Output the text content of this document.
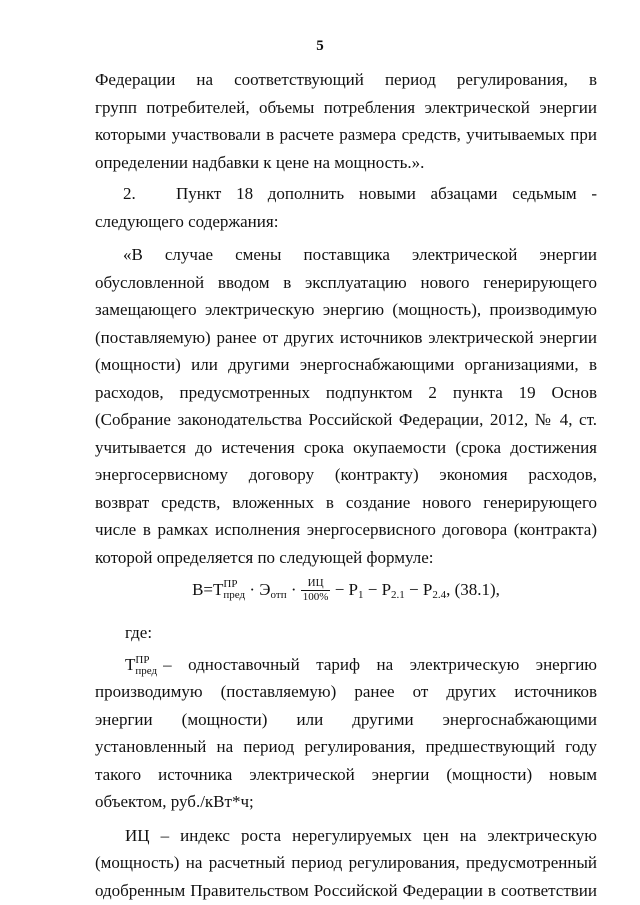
5
Федерации на соответствующий период регулирования, в
групп потребителей, объемы потребления электрической энергии
которыми участвовали в расчете размера средств, учитываемых при
определении надбавки к цене на мощность.».
2.	Пункт 18 дополнить новыми абзацами седьмым -
следующего содержания:
«В случае смены поставщика электрической энергии
обусловленной вводом в эксплуатацию нового генерирующего
замещающего электрическую энергию (мощность), производимую
(поставляемую) ранее от других источников электрической энергии
(мощности) или другими энергоснабжающими организациями, в
расходов, предусмотренных подпунктом 2 пункта 19 Основ
(Собрание законодательства Российской Федерации, 2012, № 4, ст.
учитывается до истечения срока окупаемости (срока достижения
энергосервисному договору (контракту) экономия расходов,
возврат средств, вложенных в создание нового генерирующего
числе в рамках исполнения энергосервисного договора (контракта)
которой определяется по следующей формуле:
В=Т ПР
пред · $Э_{отп} \cdot \frac{ИЦ}{100\%} - Р_1 - Р_{2.1} - Р_{2.4}$, (38.1),
где:
Т ПР
пред – одноставочный тариф на электрическую энергию
производимую (поставляемую) ранее от других источников
энергии (мощности) или другими энергоснабжающими
установленный на период регулирования, предшествующий году
такого источника электрической энергии (мощности) новым
объектом, руб./кВт*ч;
ИЦ – индекс роста нерегулируемых цен на электрическую
(мощность) на расчетный период регулирования, предусмотренный
одобренным Правительством Российской Федерации в соответствии
